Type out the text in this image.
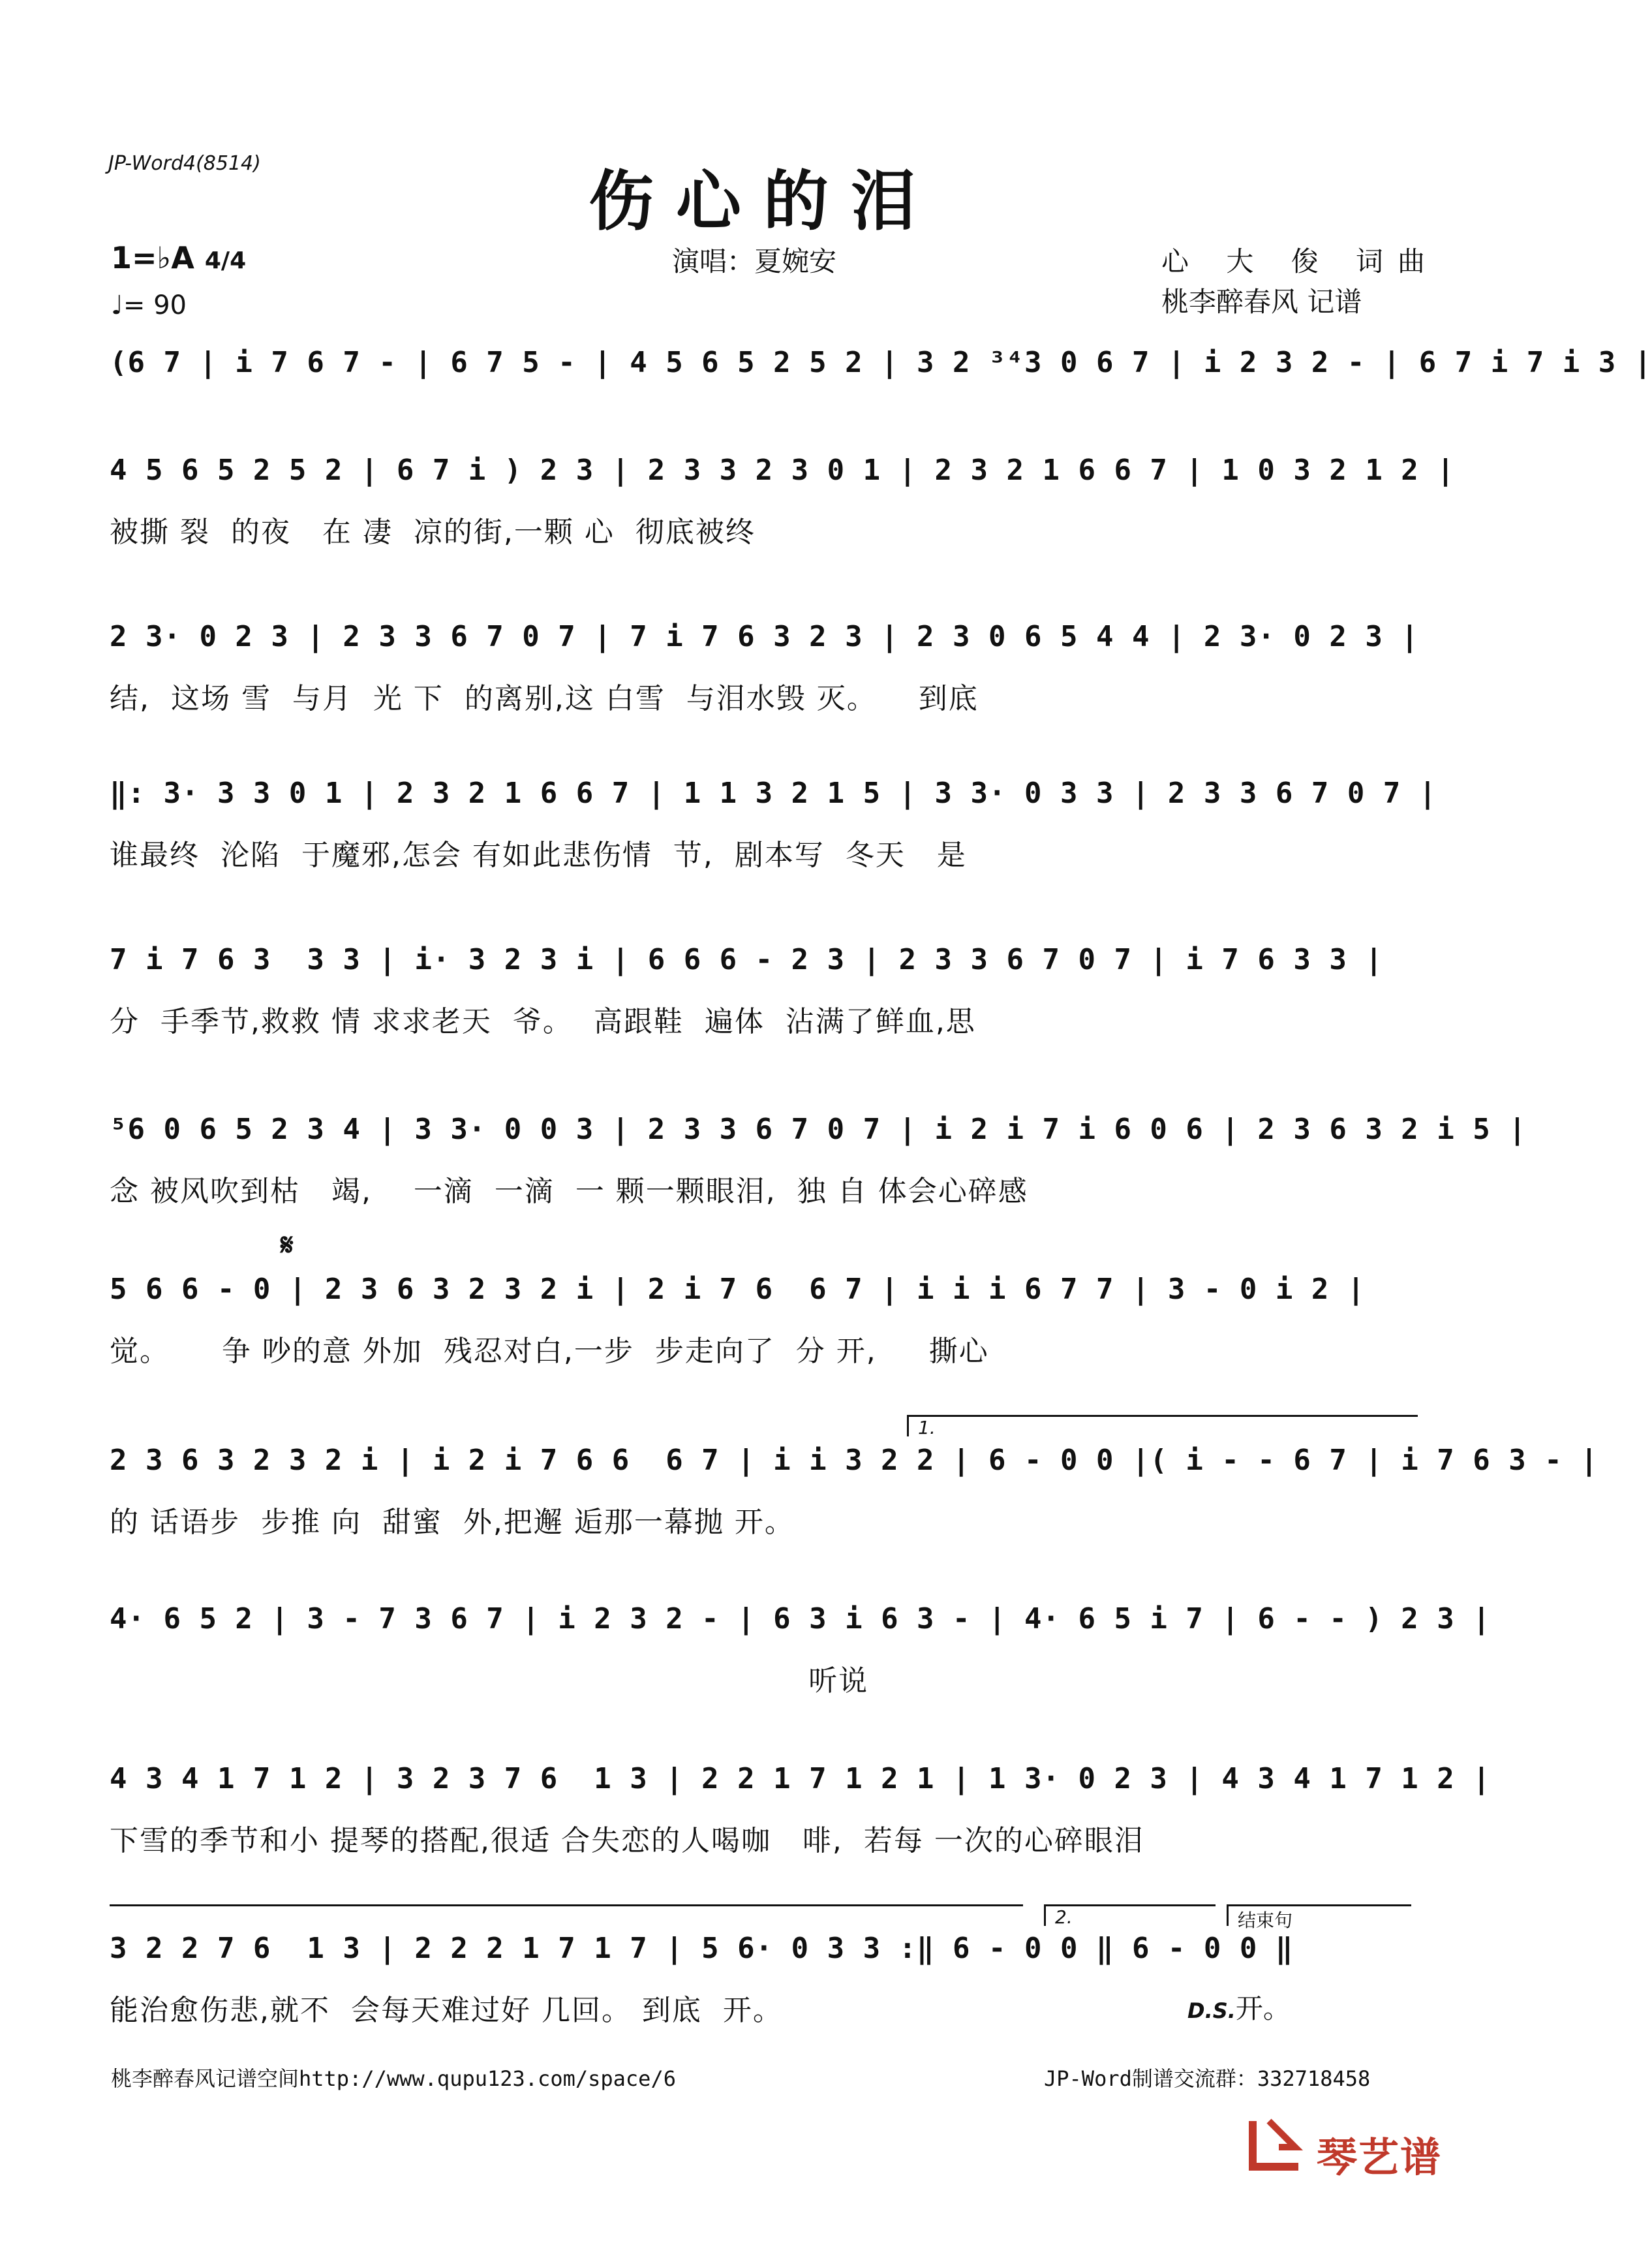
JP-Word4(8514)	伤心的泪
1=♭A 4/4
♩= 90
演唱：夏婉安	心 大 俊 词曲
桃李醉春风 记谱
(6 7 | i 7 6 7 - | 6 7 5 - | 4 5 6 5 2 5 2 | 3 2 ³⁴3 0 6 7 | i 2 3 2 - | 6 7 i 7 i 3 |
4 5 6 5 2 5 2 | 6 7 i ) 2 3 | 2 3 3 2 3 0 1 | 2 3 2 1 6 6 7 | 1 0 3 2 1 2 |
被撕 裂  的夜   在 凄  凉的街,一颗 心  彻底被终
2 3· 0 2 3 | 2 3 3 6 7 0 7 | 7 i 7 6 3 2 3 | 2 3 0 6 5 4 4 | 2 3· 0 2 3 |
结,  这场 雪  与月  光 下  的离别,这 白雪  与泪水毁 灭。    到底
‖: 3· 3 3 0 1 | 2 3 2 1 6 6 7 | 1 1 3 2 1 5 | 3 3· 0 3 3 | 2 3 3 6 7 0 7 |
谁最终  沦陷  于魔邪,怎会 有如此悲伤情  节,  剧本写  冬天   是
7 i 7 6 3  3 3 | i· 3 2 3 i | 6 6 6 - 2 3 | 2 3 3 6 7 0 7 | i 7 6 3 3 |
分  手季节,救救 情 求求老天  爷。  高跟鞋  遍体  沾满了鲜血,思
⁵6 0 6 5 2 3 4 | 3 3· 0 0 3 | 2 3 3 6 7 0 7 | i 2 i 7 i 6 0 6 | 2 3 6 3 2 i 5 |
念 被风吹到枯   竭,    一滴  一滴  一 颗一颗眼泪,  独 自 体会心碎感
𝄋
5 6 6 - 0 | 2 3 6 3 2 3 2 i | 2 i 7 6  6 7 | i i i 6 7 7 | 3 - 0 i 2 |
觉。     争 吵的意 外加  残忍对白,一步  步走向了  分 开,     撕心
1.
2 3 6 3 2 3 2 i | i 2 i 7 6 6  6 7 | i i 3 2 2 | 6 - 0 0 |( i - - 6 7 | i 7 6 3 - |
的 话语步  步推 向  甜蜜  外,把邂 逅那一幕抛 开。
4· 6 5 2 | 3 - 7 3 6 7 | i 2 3 2 - | 6 3 i 6 3 - | 4· 6 5 i 7 | 6 - - ) 2 3 |
听说
4 3 4 1 7 1 2 | 3 2 3 7 6  1 3 | 2 2 1 7 1 2 1 | 1 3· 0 2 3 | 4 3 4 1 7 1 2 |
下雪的季节和小 提琴的搭配,很适 合失恋的人喝咖   啡,  若每 一次的心碎眼泪
2.	结束句
3 2 2 7 6  1 3 | 2 2 2 1 7 1 7 | 5 6· 0 3 3 :‖ 6 - 0 0 ‖ 6 - 0 0 ‖
能治愈伤悲,就不  会每天难过好 几回。 到底  开。	D.S.开。
桃李醉春风记谱空间http://www.qupu123.com/space/6	JP-Word制谱交流群：332718458
琴艺谱
